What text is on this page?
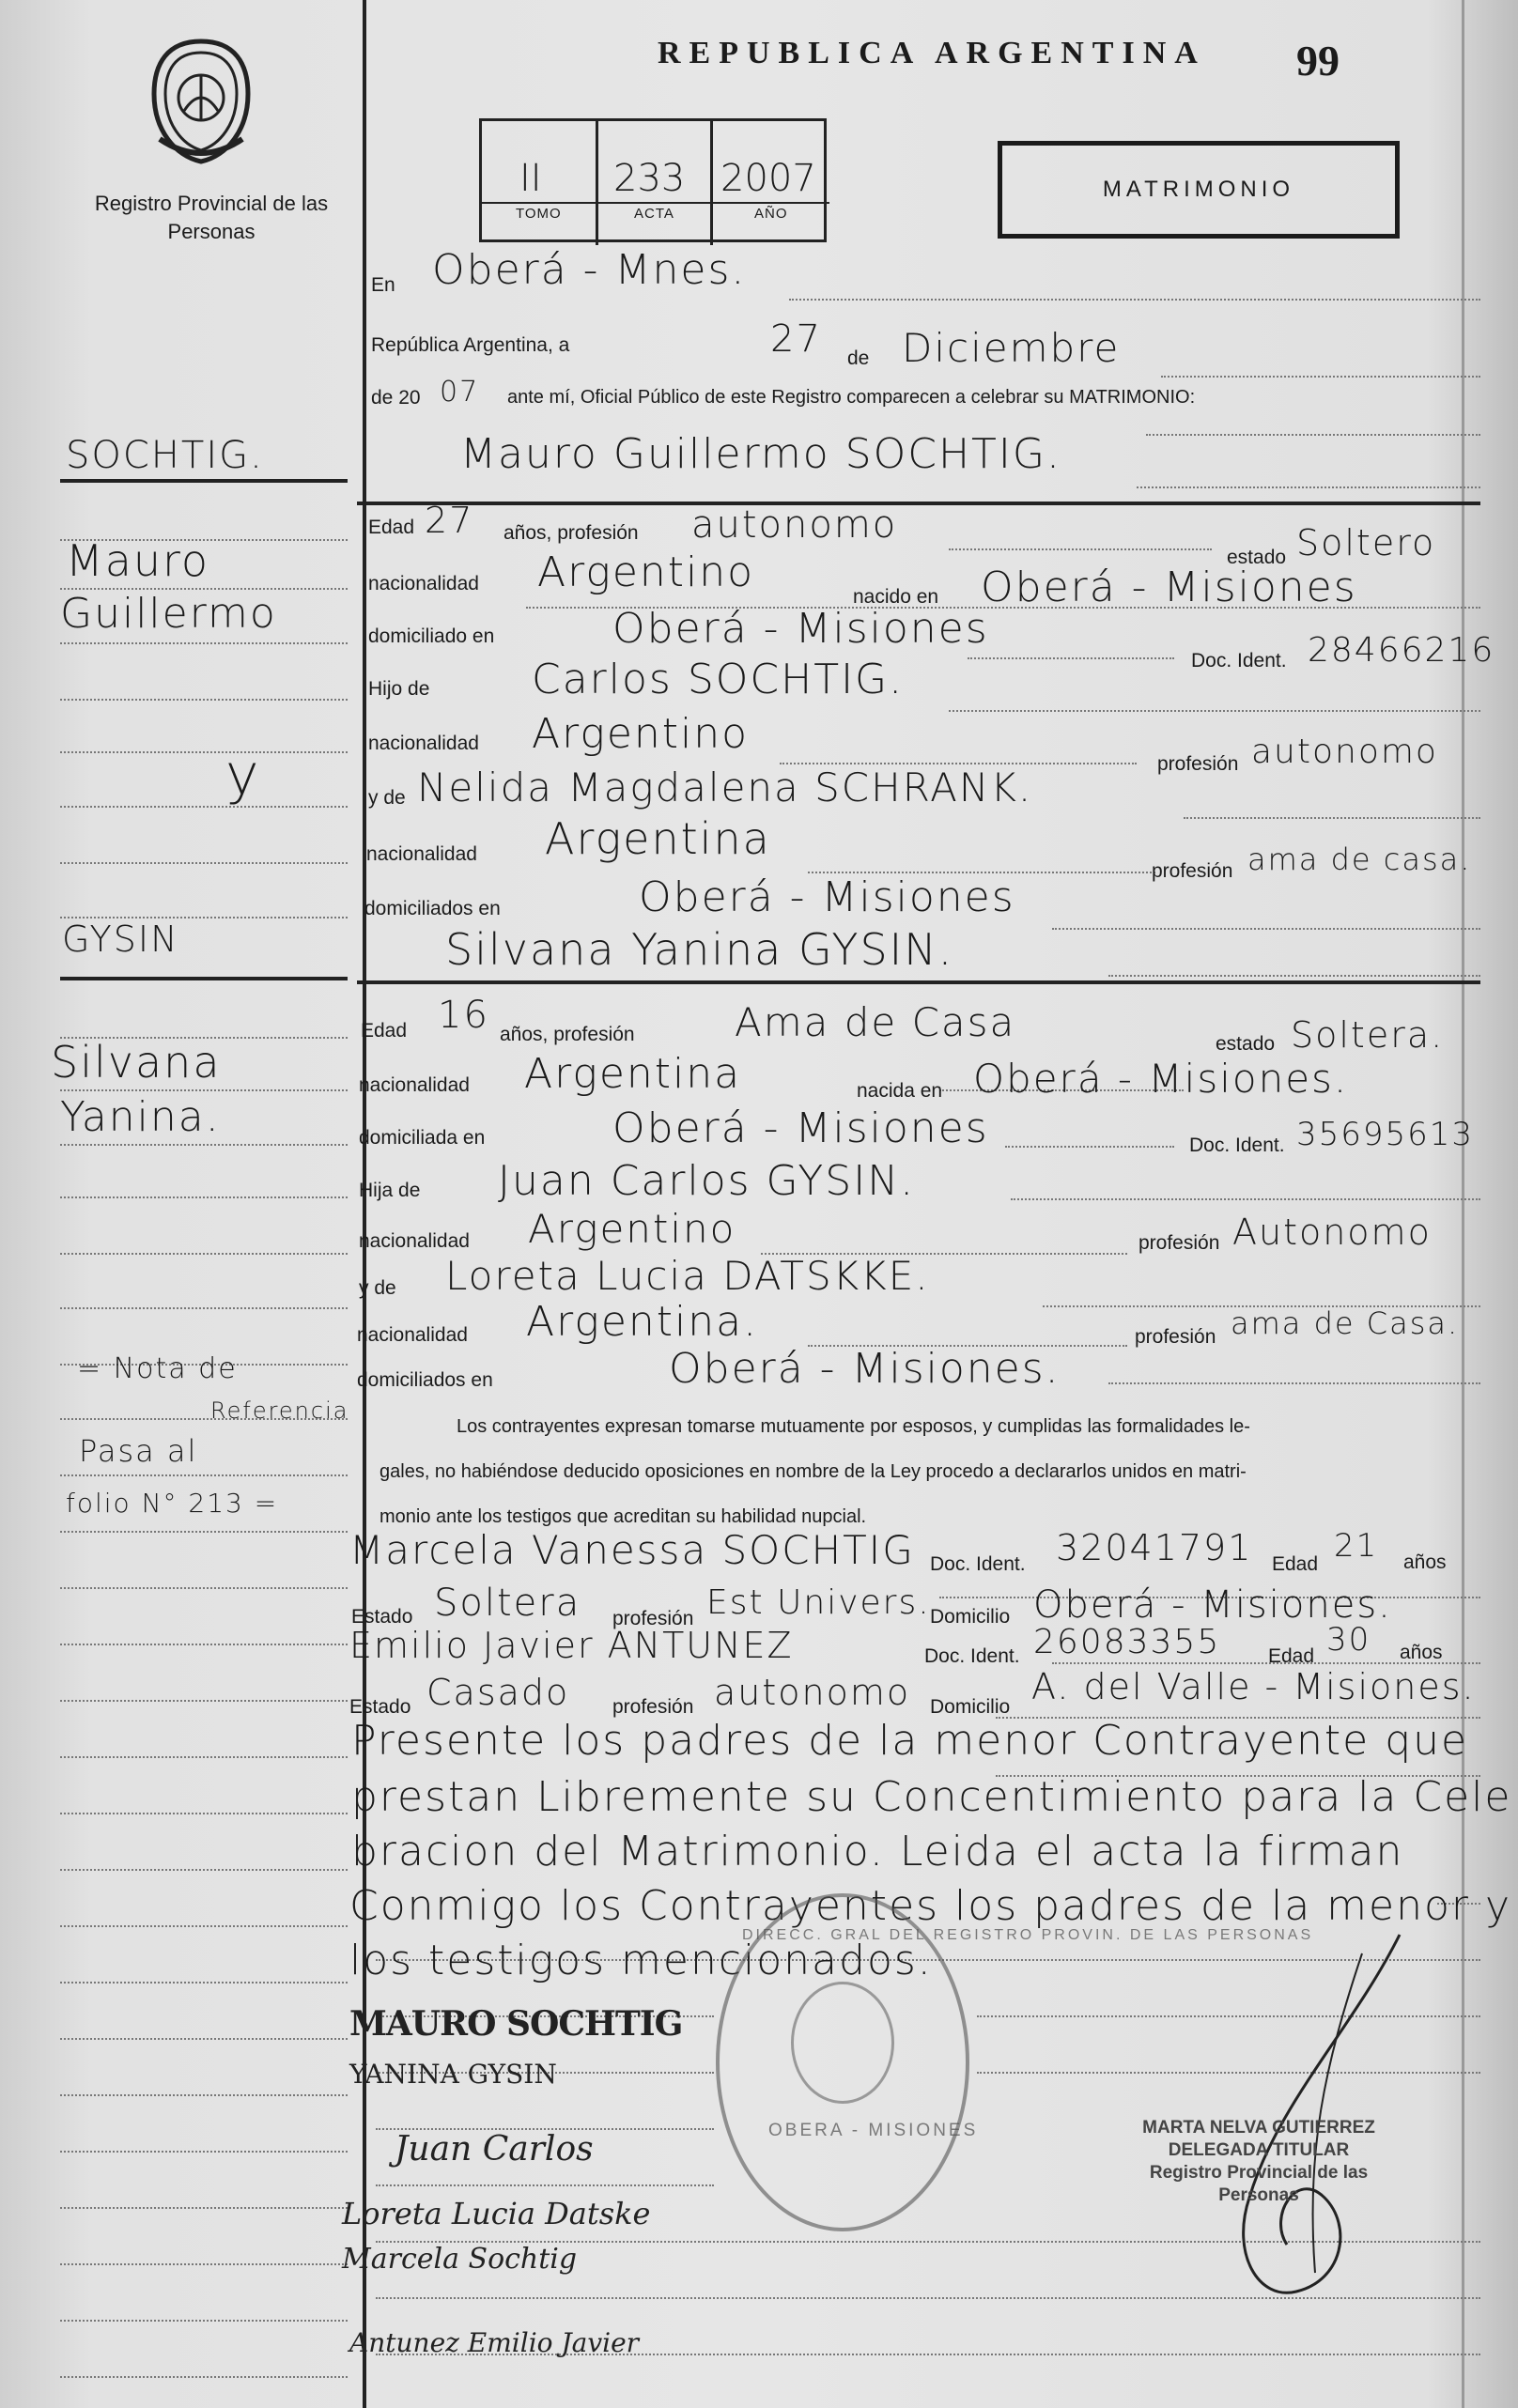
Registro Provincial de las Personas
REPUBLICA ARGENTINA 99
MATRIMONIO
II 233 2007
TOMO	ACTA	AÑO
En Oberá - Mnes.
República Argentina, a	27 de Diciembre
de 20 07 ante mí, Oficial Público de este Registro comparecen a celebrar su MATRIMONIO:
SOCHTIG.	Mauro Guillermo SOCHTIG.
Mauro
Guillermo
y
Edad 27 años, profesión autonomo
estado Soltero
nacionalidad Argentino
nacido en Oberá - Misiones
domiciliado en	Oberá - Misiones
Doc. Ident. 28466216
Hijo de Carlos SOCHTIG.
nacionalidad Argentino
profesión autonomo
y de Nelida Magdalena SCHRANK.
nacionalidad Argentina
profesión ama de casa.
domiciliados en	Oberá - Misiones
GYSIN	Silvana Yanina GYSIN.
Silvana
Yanina.
Edad 16 años, profesión	Ama de Casa	estado Soltera.
nacionalidad Argentina	nacida en Oberá - Misiones.
domiciliada en	Oberá - Misiones	Doc. Ident. 35695613
Hija de Juan Carlos GYSIN.
nacionalidad Argentino	profesión Autonomo
y de Loreta Lucia DATSKKE.
nacionalidad Argentina.	profesión ama de Casa.
domiciliados en	Oberá - Misiones.
= Nota de
Referencia
Pasa al
folio N° 213 =
Los contrayentes expresan tomarse mutuamente por esposos, y cumplidas las formalidades le-
gales, no habiéndose deducido oposiciones en nombre de la Ley procedo a declararlos unidos en matri-
monio ante los testigos que acreditan su habilidad nupcial.
Marcela Vanessa SOCHTIG Doc. Ident. 32041791 Edad 21 años
Estado Soltera profesión Est Univers. Domicilio Oberá - Misiones.
Emilio Javier ANTUNEZ	Doc. Ident. 26083355 Edad 30 años
Estado Casado profesión autonomo Domicilio A. del Valle - Misiones.
Presente los padres de la menor Contrayente que
prestan Libremente su Concentimiento para la Cele
bracion del Matrimonio. Leida el acta la firman
Conmigo los Contrayentes los padres de la menor y
los testigos mencionados.
DIRECC. GRAL DEL REGISTRO PROVIN. DE LAS PERSONAS
OBERA - MISIONES
MAURO SOCHTIG
YANINA GYSIN
Juan Carlos
Loreta Lucia Datske
Marcela Sochtig
Antunez Emilio Javier
MARTA NELVA GUTIERREZ
DELEGADA TITULAR
Registro Provincial de las Personas
